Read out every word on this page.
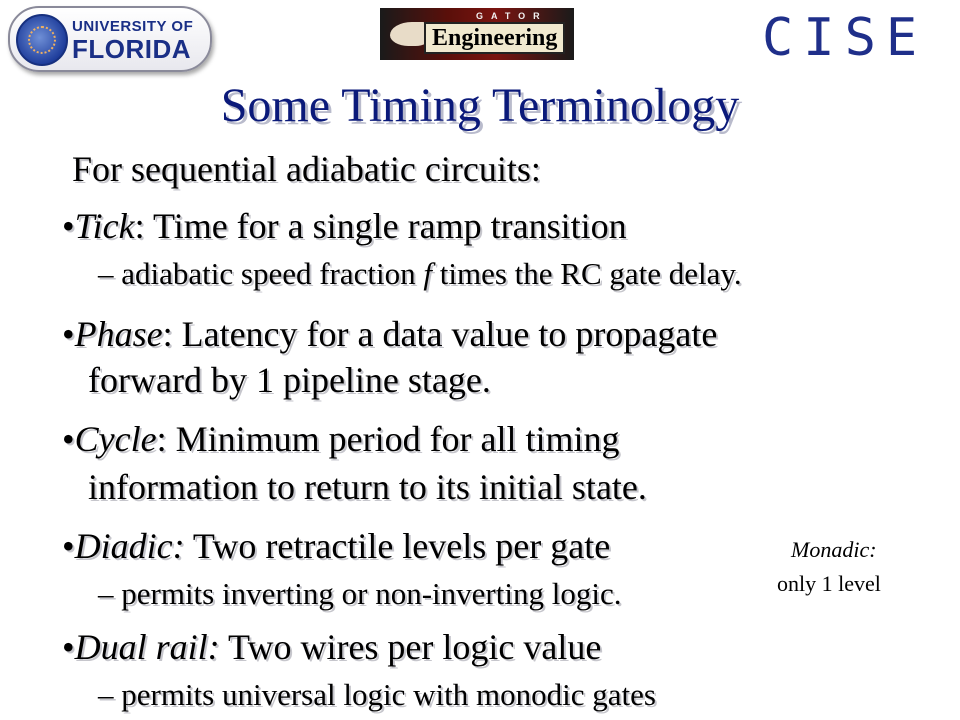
UNIVERSITY OF
FLORIDA
GATOR
Engineering	CISE
Some Timing Terminology
For sequential adiabatic circuits:
•Tick: Time for a single ramp transition
– adiabatic speed fraction f times the RC gate delay.
•Phase: Latency for a data value to propagate
forward by 1 pipeline stage.
•Cycle: Minimum period for all timing
information to return to its initial state.
•Diadic: Two retractile levels per gate
– permits inverting or non-inverting logic.
•Dual rail: Two wires per logic value
– permits universal logic with monodic gates
Monadic:
only 1 level
